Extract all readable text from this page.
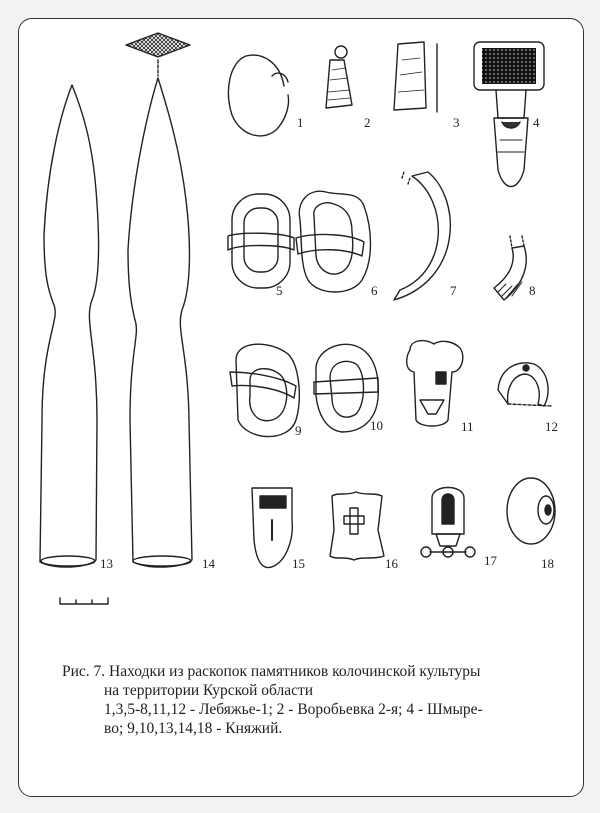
1	2	3	4
5	6	7	8
9	10	11	12
13	14	15	16	17	18
Рис. 7. Находки из раскопок памятников колочинской культуры
на территории Курской области
1,3,5-8,11,12 - Лебяжье-1; 2 - Воробьевка 2-я; 4 - Шмыре-
во; 9,10,13,14,18 - Княжий.
